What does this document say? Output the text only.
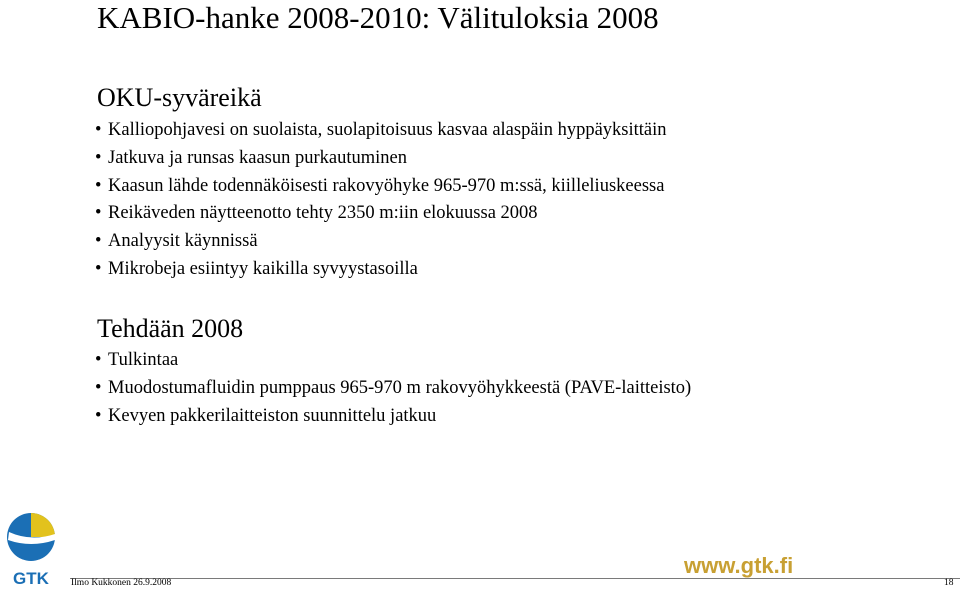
KABIO-hanke 2008-2010: Välituloksia 2008
OKU-syväreikä
• Kalliopohjavesi on suolaista, suolapitoisuus kasvaa alaspäin hyppäyksittäin
• Jatkuva ja runsas kaasun purkautuminen
• Kaasun lähde todennäköisesti rakovyöhyke 965-970 m:ssä, kiilleliuskeessa
• Reikäveden näytteenotto tehty 2350 m:iin elokuussa 2008
• Analyysit käynnissä
• Mikrobeja esiintyy kaikilla syvyystasoilla
Tehdään 2008
• Tulkintaa
• Muodostumafluidin pumppaus 965-970 m rakovyöhykkeestä (PAVE-laitteisto)
• Kevyen pakkerilaitteiston suunnittelu jatkuu
GTK
www.gtk.fi
Ilmo Kukkonen 26.9.2008	18
